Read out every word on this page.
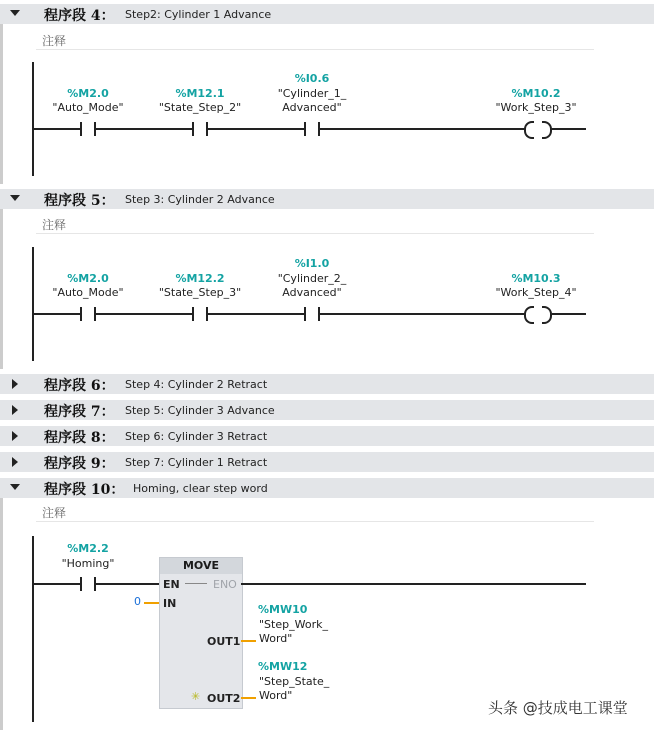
程序段 4： Step2: Cylinder 1 Advance
注释
%M2.0
"Auto_Mode"
%M12.1
"State_Step_2"
%I0.6
"Cylinder_1_
Advanced"
%M10.2
"Work_Step_3"
程序段 5： Step 3: Cylinder 2 Advance
注释
%M2.0
"Auto_Mode"
%M12.2
"State_Step_3"
%I1.0
"Cylinder_2_
Advanced"
%M10.3
"Work_Step_4"
程序段 6： Step 4: Cylinder 2 Retract
程序段 7： Step 5: Cylinder 3 Advance
程序段 8： Step 6: Cylinder 3 Retract
程序段 9： Step 7: Cylinder 1 Retract
程序段 10： Homing, clear step word
注释
%M2.2
"Homing"	MOVE
EN	ENO
IN
0
OUT1
OUT2
✳
%MW10
"Step_Work_
Word"
%MW12
"Step_State_
Word"
头条 @技成电工课堂
